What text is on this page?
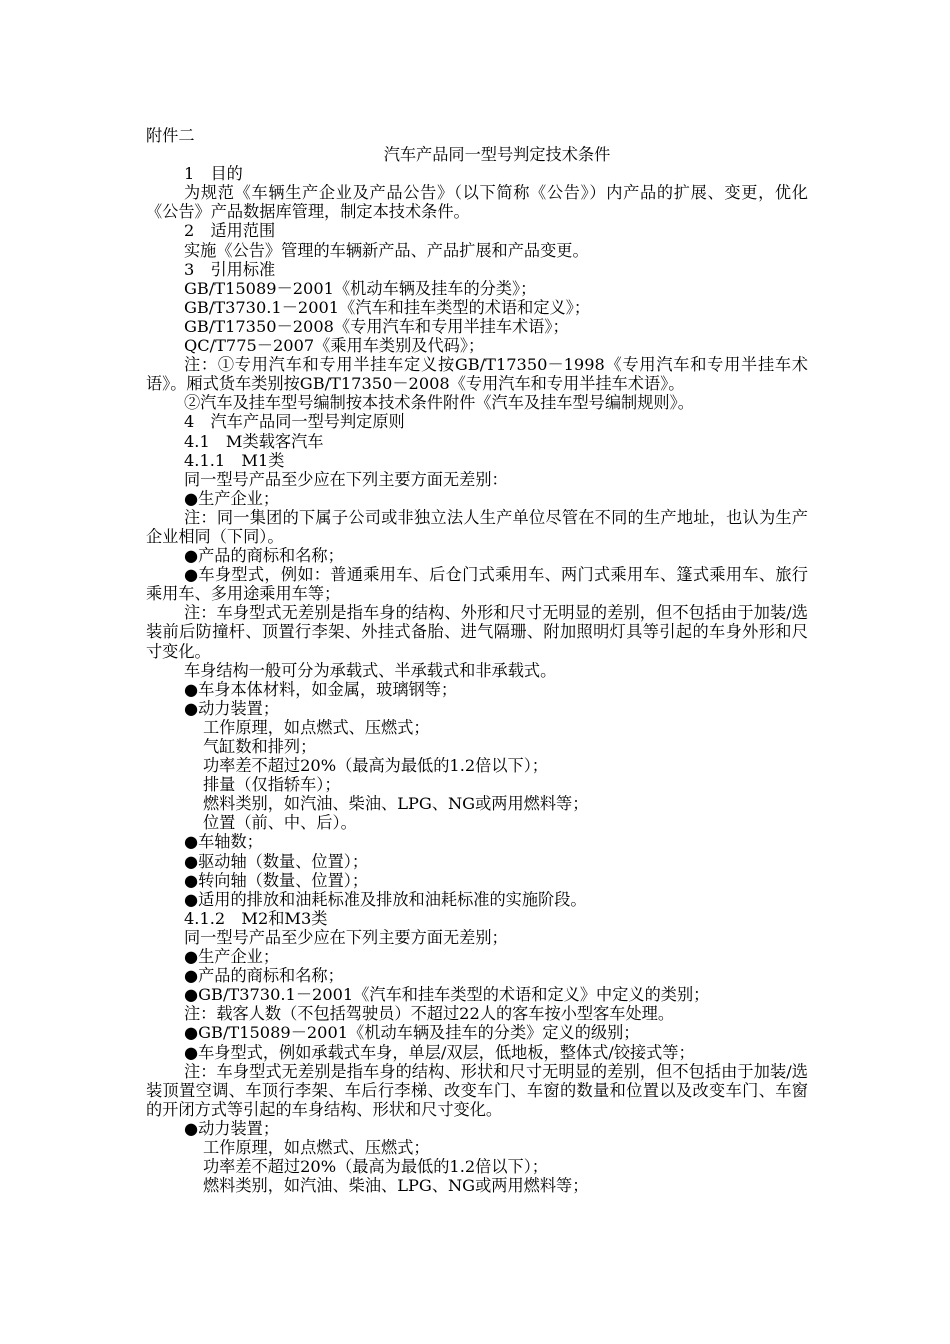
附件二
汽车产品同一型号判定技术条件
1　目的
为规范《车辆生产企业及产品公告》（以下简称《公告》）内产品的扩展、变更，优化《公告》产品数据库管理，制定本技术条件。
2　适用范围
实施《公告》管理的车辆新产品、产品扩展和产品变更。
3　引用标准
GB/T15089－2001《机动车辆及挂车的分类》；
GB/T3730.1－2001《汽车和挂车类型的术语和定义》；
GB/T17350－2008《专用汽车和专用半挂车术语》；
QC/T775－2007《乘用车类别及代码》；
注：①专用汽车和专用半挂车定义按GB/T17350－1998《专用汽车和专用半挂车术语》。厢式货车类别按GB/T17350－2008《专用汽车和专用半挂车术语》。
②汽车及挂车型号编制按本技术条件附件《汽车及挂车型号编制规则》。
4　汽车产品同一型号判定原则
4.1　M类载客汽车
4.1.1　M1类
同一型号产品至少应在下列主要方面无差别：
●生产企业；
注：同一集团的下属子公司或非独立法人生产单位尽管在不同的生产地址，也认为生产企业相同（下同）。
●产品的商标和名称；
●车身型式，例如：普通乘用车、后仓门式乘用车、两门式乘用车、篷式乘用车、旅行乘用车、多用途乘用车等；
注：车身型式无差别是指车身的结构、外形和尺寸无明显的差别，但不包括由于加装/选装前后防撞杆、顶置行李架、外挂式备胎、进气隔珊、附加照明灯具等引起的车身外形和尺寸变化。
车身结构一般可分为承载式、半承载式和非承载式。
●车身本体材料，如金属，玻璃钢等；
●动力装置；
工作原理，如点燃式、压燃式；
气缸数和排列；
功率差不超过20%（最高为最低的1.2倍以下）；
排量（仅指轿车）；
燃料类别，如汽油、柴油、LPG、NG或两用燃料等；
位置（前、中、后）。
●车轴数；
●驱动轴（数量、位置）；
●转向轴（数量、位置）；
●适用的排放和油耗标准及排放和油耗标准的实施阶段。
4.1.2　M2和M3类
同一型号产品至少应在下列主要方面无差别；
●生产企业；
●产品的商标和名称；
●GB/T3730.1－2001《汽车和挂车类型的术语和定义》中定义的类别；
注：载客人数（不包括驾驶员）不超过22人的客车按小型客车处理。
●GB/T15089－2001《机动车辆及挂车的分类》定义的级别；
●车身型式，例如承载式车身，单层/双层，低地板，整体式/铰接式等；
注：车身型式无差别是指车身的结构、形状和尺寸无明显的差别，但不包括由于加装/选装顶置空调、车顶行李架、车后行李梯、改变车门、车窗的数量和位置以及改变车门、车窗的开闭方式等引起的车身结构、形状和尺寸变化。
●动力装置；
工作原理，如点燃式、压燃式；
功率差不超过20%（最高为最低的1.2倍以下）；
燃料类别，如汽油、柴油、LPG、NG或两用燃料等；
